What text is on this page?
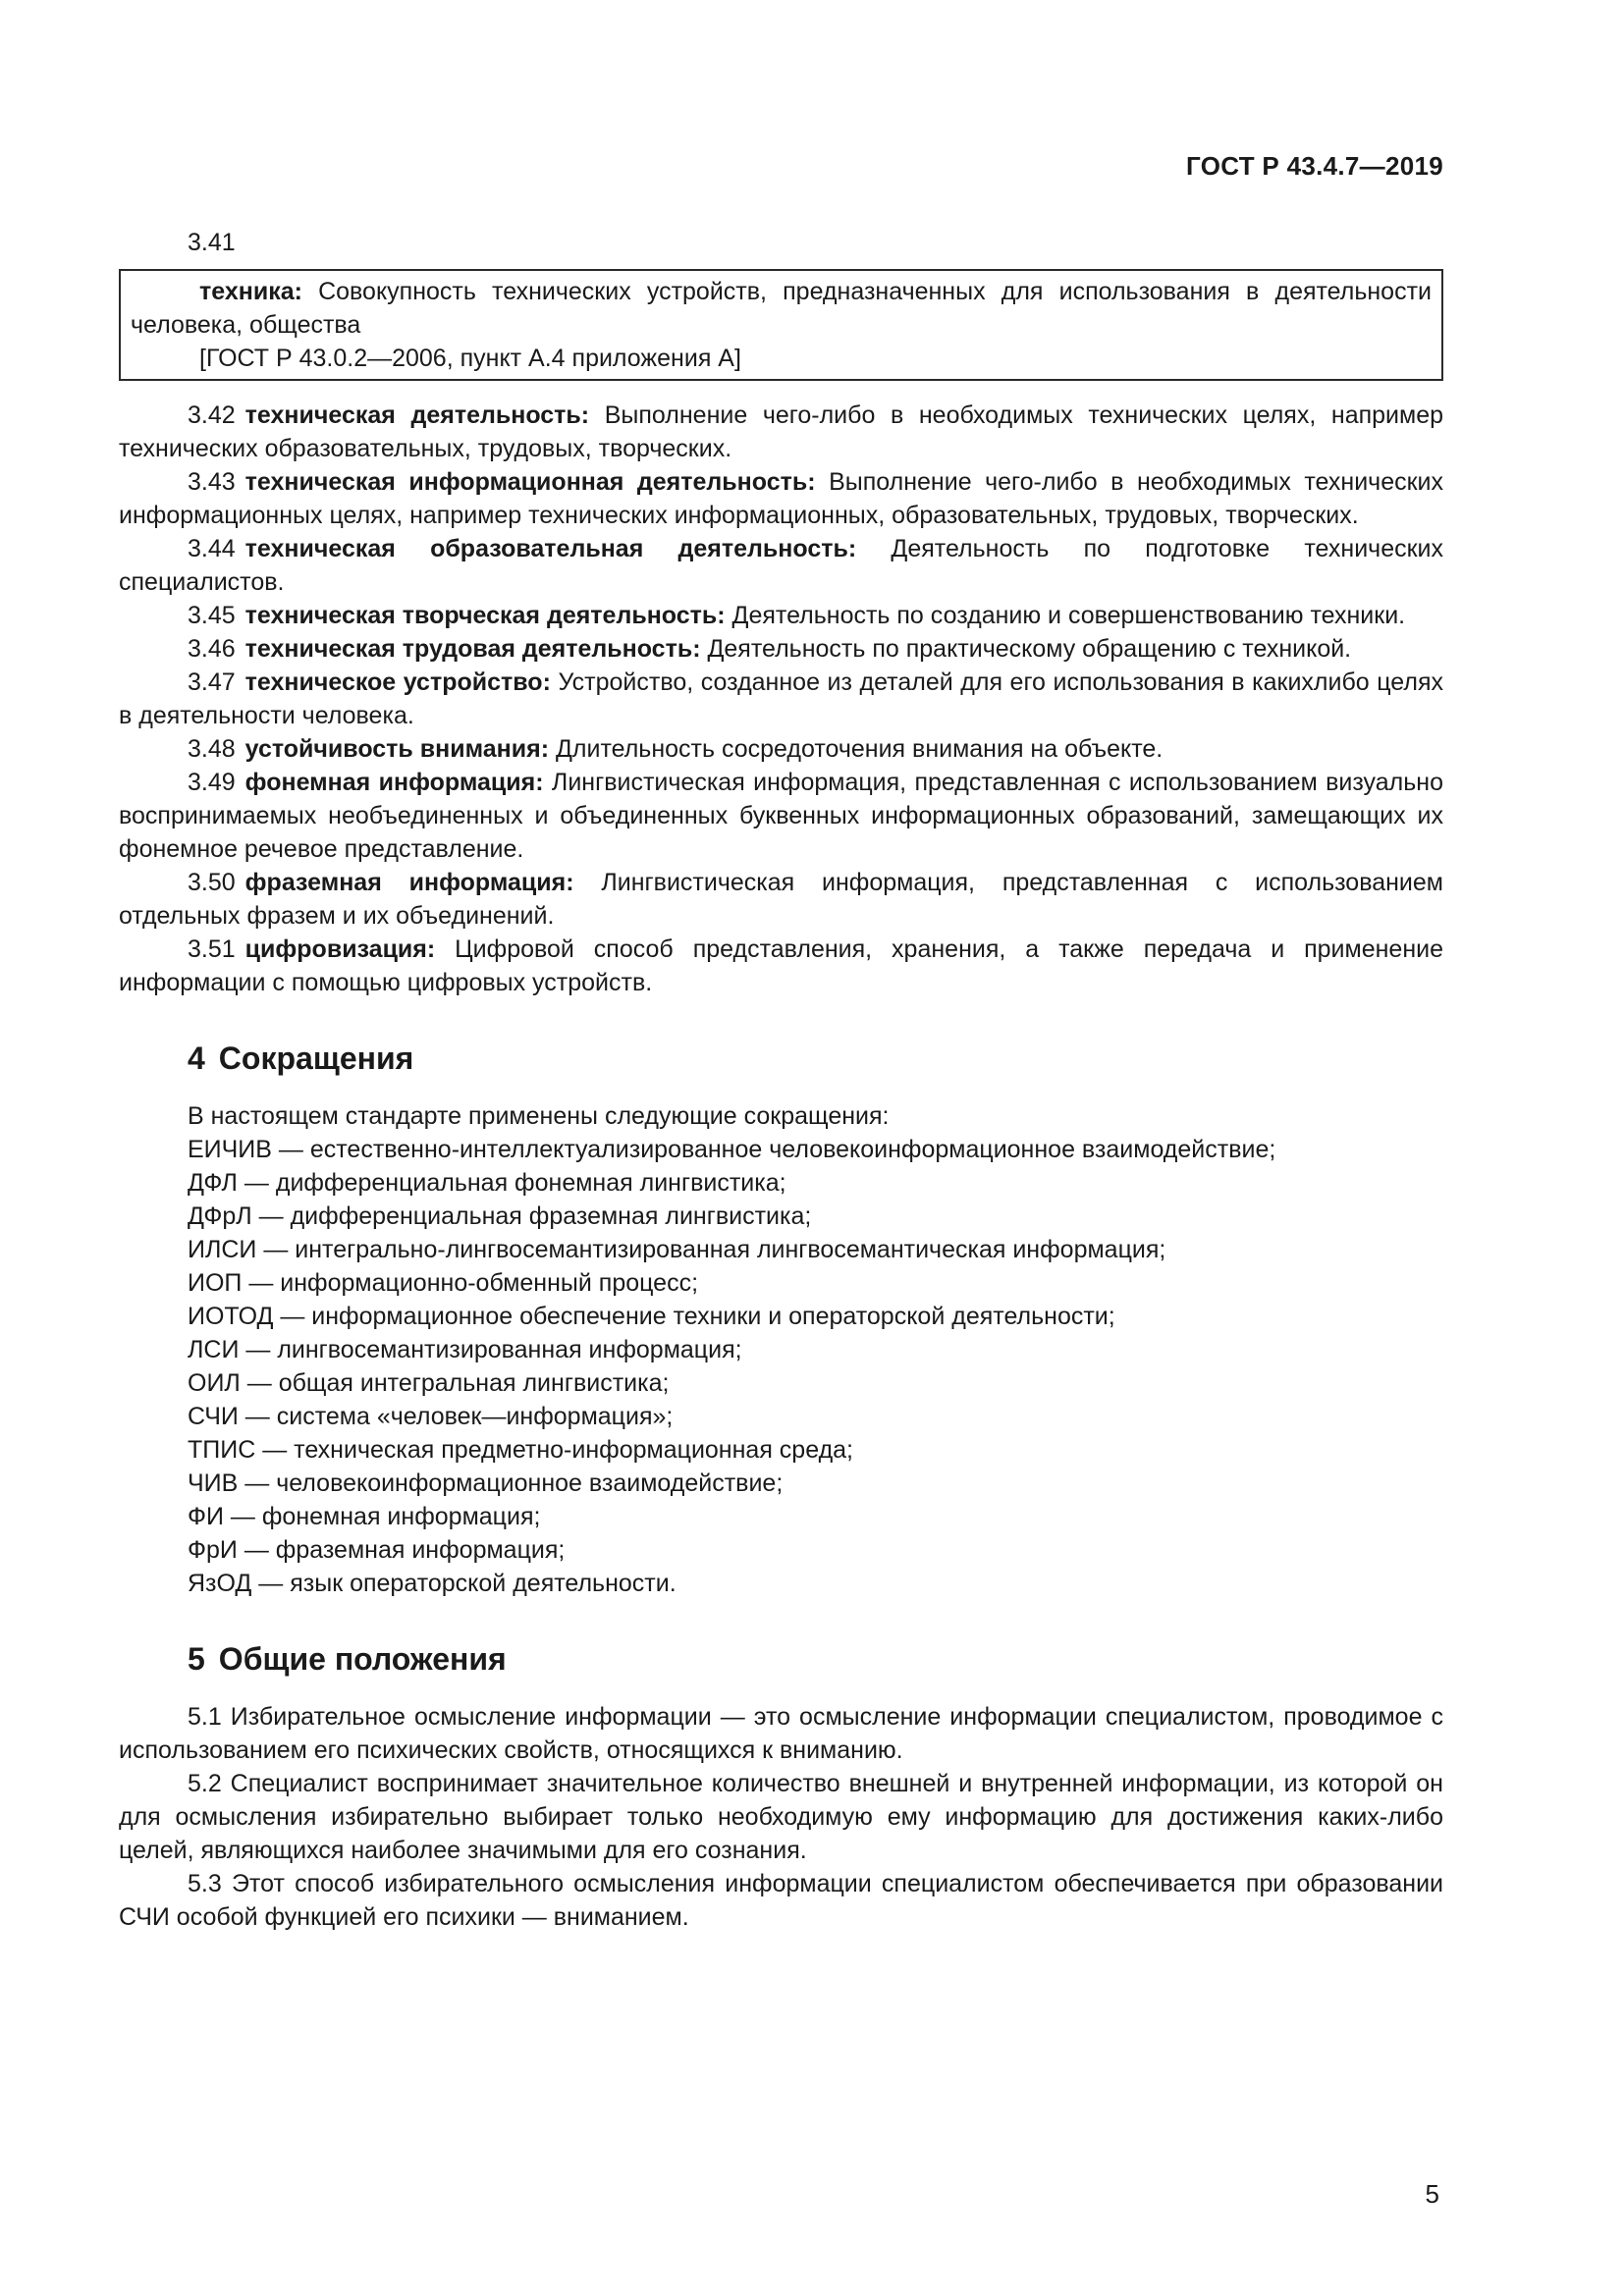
ГОСТ Р 43.4.7—2019
3.41
техника: Совокупность технических устройств, предназначенных для использования в деятельности человека, общества
[ГОСТ Р 43.0.2—2006, пункт А.4 приложения А]
3.42 техническая деятельность: Выполнение чего-либо в необходимых технических целях, например технических образовательных, трудовых, творческих.
3.43 техническая информационная деятельность: Выполнение чего-либо в необходимых технических информационных целях, например технических информационных, образовательных, трудовых, творческих.
3.44 техническая образовательная деятельность: Деятельность по подготовке технических специалистов.
3.45 техническая творческая деятельность: Деятельность по созданию и совершенствованию техники.
3.46 техническая трудовая деятельность: Деятельность по практическому обращению с техникой.
3.47 техническое устройство: Устройство, созданное из деталей для его использования в какихлибо целях в деятельности человека.
3.48 устойчивость внимания: Длительность сосредоточения внимания на объекте.
3.49 фонемная информация: Лингвистическая информация, представленная с использованием визуально воспринимаемых необъединенных и объединенных буквенных информационных образований, замещающих их фонемное речевое представление.
3.50 фраземная информация: Лингвистическая информация, представленная с использованием отдельных фразем и их объединений.
3.51 цифровизация: Цифровой способ представления, хранения, а также передача и применение информации с помощью цифровых устройств.
4 Сокращения
В настоящем стандарте применены следующие сокращения:
ЕИЧИВ — естественно-интеллектуализированное человекоинформационное взаимодействие;
ДФЛ — дифференциальная фонемная лингвистика;
ДФрЛ — дифференциальная фраземная лингвистика;
ИЛСИ — интегрально-лингвосемантизированная лингвосемантическая информация;
ИОП — информационно-обменный процесс;
ИОТОД — информационное обеспечение техники и операторской деятельности;
ЛСИ — лингвосемантизированная информация;
ОИЛ — общая интегральная лингвистика;
СЧИ — система «человек—информация»;
ТПИС — техническая предметно-информационная среда;
ЧИВ — человекоинформационное взаимодействие;
ФИ — фонемная информация;
ФрИ — фраземная информация;
ЯзОД — язык операторской деятельности.
5 Общие положения
5.1 Избирательное осмысление информации — это осмысление информации специалистом, проводимое с использованием его психических свойств, относящихся к вниманию.
5.2 Специалист воспринимает значительное количество внешней и внутренней информации, из которой он для осмысления избирательно выбирает только необходимую ему информацию для достижения каких-либо целей, являющихся наиболее значимыми для его сознания.
5.3 Этот способ избирательного осмысления информации специалистом обеспечивается при образовании СЧИ особой функцией его психики — вниманием.
5
